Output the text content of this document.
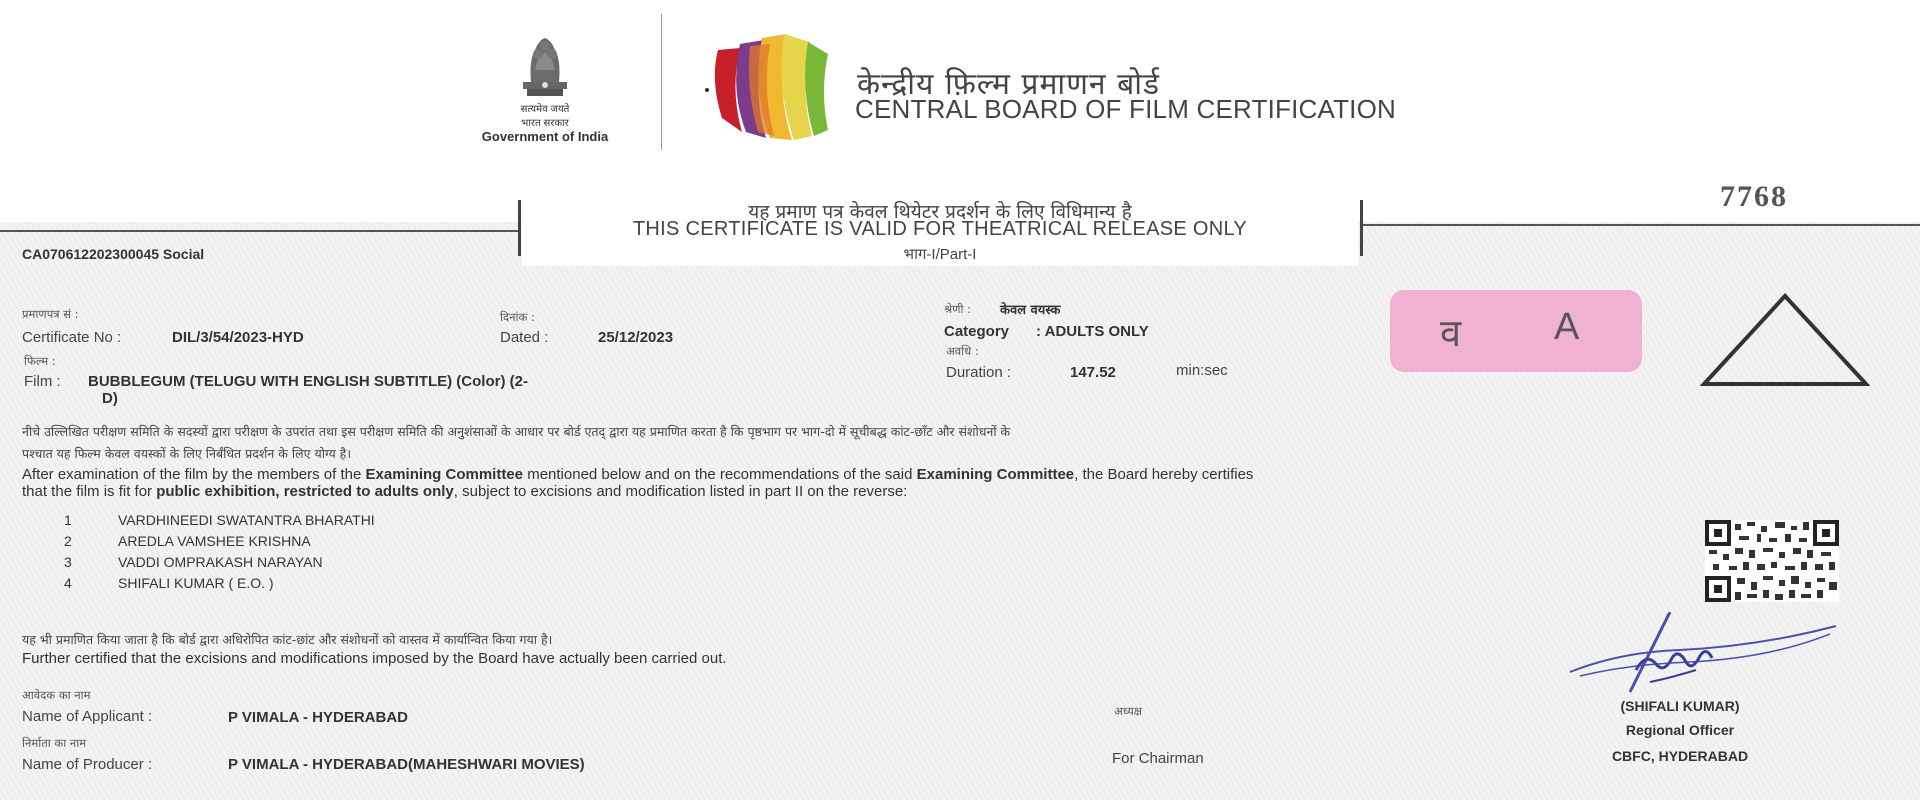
सत्यमेव जयते
भारत सरकार
Government of India
केन्द्रीय फ़िल्म प्रमाणन बोर्ड
CENTRAL BOARD OF FILM CERTIFICATION
यह प्रमाण पत्र केवल थियेटर प्रदर्शन के लिए विधिमान्य है
THIS CERTIFICATE IS VALID FOR THEATRICAL RELEASE ONLY
भाग-I/Part-I
7768
CA070612202300045 Social
प्रमाणपत्र सं :
Certificate No :	DIL/3/54/2023-HYD
दिनांक :
Dated :	25/12/2023
फिल्म :
Film : BUBBLEGUM (TELUGU WITH ENGLISH SUBTITLE) (Color) (2-
D)
श्रेणी : केवल वयस्क
Category : ADULTS ONLY
अवधि :
Duration :	147.52	min:sec
व A
नीचे उल्लिखित परीक्षण समिति के सदस्यों द्वारा परीक्षण के उपरांत तथा इस परीक्षण समिति की अनुशंसाओं के आधार पर बोर्ड एतद् द्वारा यह प्रमाणित करता है कि पृष्ठभाग पर भाग-दो में सूचीबद्ध कांट-छाँट और संशोधनों के
पश्चात यह फिल्म केवल वयस्कों के लिए निर्बंधित प्रदर्शन के लिए योग्य है।
After examination of the film by the members of the Examining Committee mentioned below and on the recommendations of the said Examining Committee, the Board hereby certifies
that the film is fit for public exhibition, restricted to adults only, subject to excisions and modification listed in part II on the reverse:
1	VARDHINEEDI SWATANTRA BHARATHI
2	AREDLA VAMSHEE KRISHNA
3	VADDI OMPRAKASH NARAYAN
4	SHIFALI KUMAR ( E.O. )
यह भी प्रमाणित किया जाता है कि बोर्ड द्वारा अधिरोपित कांट-छांट और संशोधनों को वास्तव में कार्यान्वित किया गया है।
Further certified that the excisions and modifications imposed by the Board have actually been carried out.
आवेदक का नाम
Name of Applicant :	P VIMALA - HYDERABAD
निर्माता का नाम
Name of Producer :	P VIMALA - HYDERABAD(MAHESHWARI MOVIES)
अध्यक्ष
For Chairman
(SHIFALI KUMAR)
Regional Officer
CBFC, HYDERABAD
